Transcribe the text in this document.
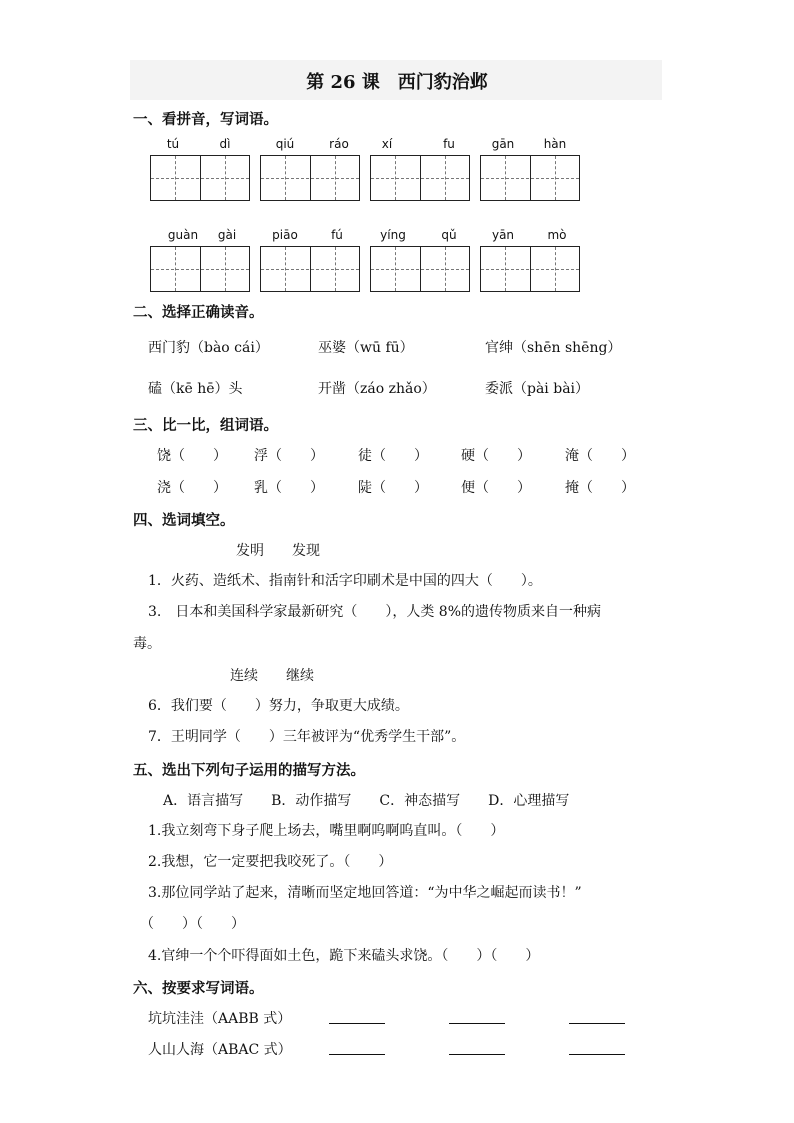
第 26 课　西门豹治邺
一、看拼音，写词语。
tú	dì	qiú	ráo	xí	fu	gān	hàn
guàn	gài	piāo	fú	yíng	qǔ	yān	mò
二、选择正确读音。
西门豹（bào cái）	巫婆（wū fū）	官绅（shēn shēng）
磕（kē hē）头	开凿（záo zhǎo）	委派（pài bài）
三、比一比，组词语。
饶（　　） 浮（　　） 徒（　　） 硬（　　） 淹（　　）
浇（　　） 乳（　　） 陡（　　） 便（　　） 掩（　　）
四、选词填空。
发明　　发现
1．火药、造纸术、指南针和活字印刷术是中国的四大（　　）。
3.　日本和美国科学家最新研究（　　），人类 8%的遗传物质来自一种病
毒。
连续　　继续
6．我们要（　　）努力，争取更大成绩。
7．王明同学（　　）三年被评为“优秀学生干部”。
五、选出下列句子运用的描写方法。
A．语言描写　　B．动作描写　　C．神态描写　　D．心理描写
1.我立刻弯下身子爬上场去，嘴里啊呜啊呜直叫。（　　）
2.我想，它一定要把我咬死了。（　　）
3.那位同学站了起来，清晰而坚定地回答道：“为中华之崛起而读书！”
（　　）（　　）
4.官绅一个个吓得面如土色，跪下来磕头求饶。（　　）（　　）
六、按要求写词语。
坑坑洼洼（AABB 式）
人山人海（ABAC 式）
